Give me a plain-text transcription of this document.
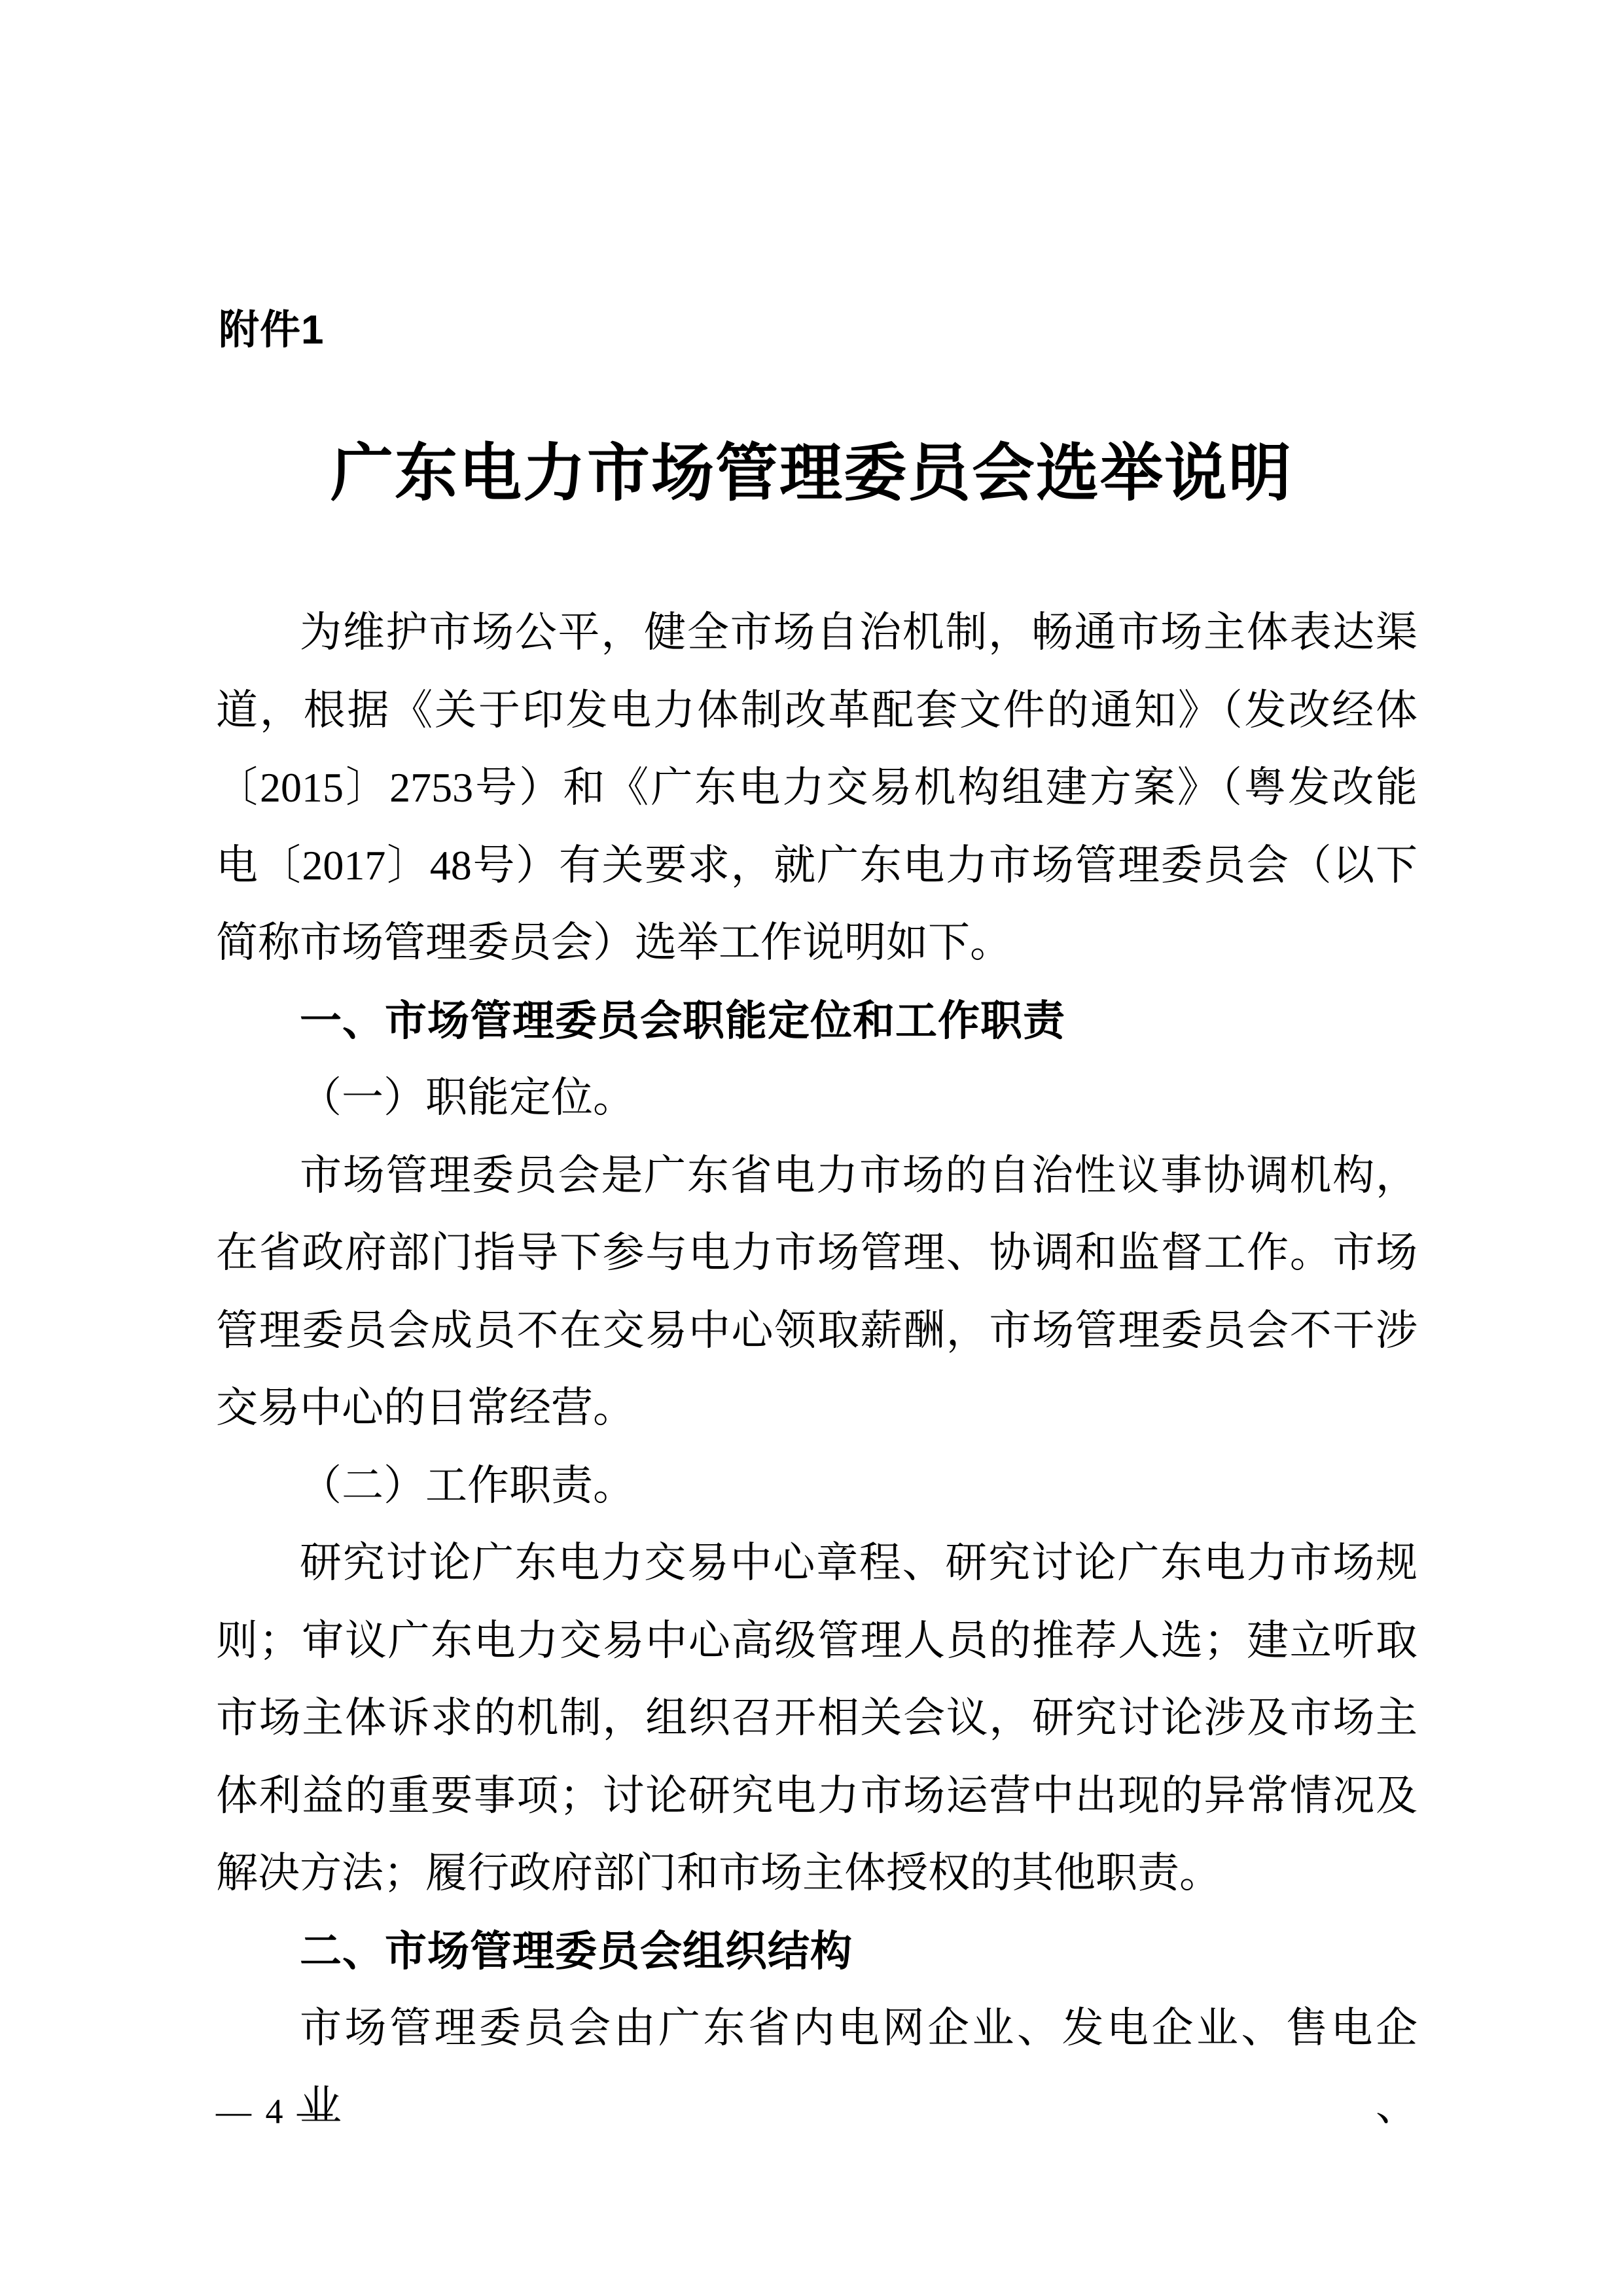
附件1
广东电力市场管理委员会选举说明
为维护市场公平，健全市场自治机制，畅通市场主体表达渠
道，根据《关于印发电力体制改革配套文件的通知》（发改经体
〔2015〕2753号）和《广东电力交易机构组建方案》（粤发改能
电〔2017〕48号）有关要求，就广东电力市场管理委员会（以下
简称市场管理委员会）选举工作说明如下。
一、市场管理委员会职能定位和工作职责
（一）职能定位。
市场管理委员会是广东省电力市场的自治性议事协调机构，
在省政府部门指导下参与电力市场管理、协调和监督工作。市场
管理委员会成员不在交易中心领取薪酬，市场管理委员会不干涉
交易中心的日常经营。
（二）工作职责。
研究讨论广东电力交易中心章程、研究讨论广东电力市场规
则；审议广东电力交易中心高级管理人员的推荐人选；建立听取
市场主体诉求的机制，组织召开相关会议，研究讨论涉及市场主
体利益的重要事项；讨论研究电力市场运营中出现的异常情况及
解决方法；履行政府部门和市场主体授权的其他职责。
二、市场管理委员会组织结构
市场管理委员会由广东省内电网企业、发电企业、售电企业、
— 4 —
